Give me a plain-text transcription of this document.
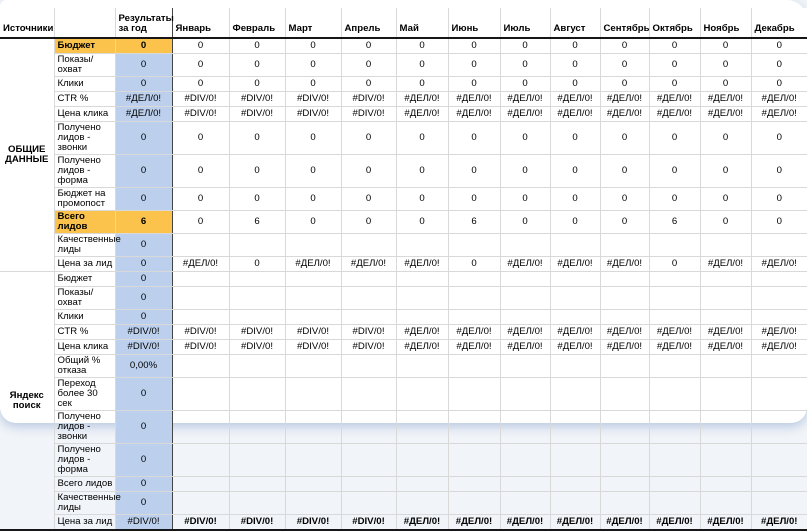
Источники		Результаты за год	Январь	Февраль	Март	Апрель	Май	Июнь	Июль	Август	Сентябрь	Октябрь	Ноябрь	Декабрь
ОБЩИЕ ДАННЫЕ	Бюджет	0	0	0	0	0	0	0	0	0	0	0	0	0
	Показы/охват	0	0	0	0	0	0	0	0	0	0	0	0	0
	Клики	0	0	0	0	0	0	0	0	0	0	0	0	0
	CTR %	#ДЕЛ/0!	#DIV/0!	#DIV/0!	#DIV/0!	#DIV/0!	#ДЕЛ/0!	#ДЕЛ/0!	#ДЕЛ/0!	#ДЕЛ/0!	#ДЕЛ/0!	#ДЕЛ/0!	#ДЕЛ/0!	#ДЕЛ/0!
	Цена клика	#ДЕЛ/0!	#DIV/0!	#DIV/0!	#DIV/0!	#DIV/0!	#ДЕЛ/0!	#ДЕЛ/0!	#ДЕЛ/0!	#ДЕЛ/0!	#ДЕЛ/0!	#ДЕЛ/0!	#ДЕЛ/0!	#ДЕЛ/0!
	Получено лидов - звонки	0	0	0	0	0	0	0	0	0	0	0	0	0
	Получено лидов - форма	0	0	0	0	0	0	0	0	0	0	0	0	0
	Бюджет на промопост	0	0	0	0	0	0	0	0	0	0	0	0	0
	Всего лидов	6	0	6	0	0	0	6	0	0	0	6	0	0
	Качественные лиды	0												
	Цена за лид	0	#ДЕЛ/0!	0	#ДЕЛ/0!	#ДЕЛ/0!	#ДЕЛ/0!	0	#ДЕЛ/0!	#ДЕЛ/0!	#ДЕЛ/0!	0	#ДЕЛ/0!	#ДЕЛ/0!
Яндекс поиск	Бюджет	0												
	Показы/охват	0												
	Клики	0												
	CTR %	#DIV/0!	#DIV/0!	#DIV/0!	#DIV/0!	#DIV/0!	#ДЕЛ/0!	#ДЕЛ/0!	#ДЕЛ/0!	#ДЕЛ/0!	#ДЕЛ/0!	#ДЕЛ/0!	#ДЕЛ/0!	#ДЕЛ/0!
	Цена клика	#DIV/0!	#DIV/0!	#DIV/0!	#DIV/0!	#DIV/0!	#ДЕЛ/0!	#ДЕЛ/0!	#ДЕЛ/0!	#ДЕЛ/0!	#ДЕЛ/0!	#ДЕЛ/0!	#ДЕЛ/0!	#ДЕЛ/0!
	Общий % отказа	0,00%												
	Переход более 30 сек	0												
	Получено лидов - звонки	0												
	Получено лидов - форма	0												
	Всего лидов	0												
	Качественные лиды	0												
	Цена за лид	#DIV/0!	#DIV/0!	#DIV/0!	#DIV/0!	#DIV/0!	#ДЕЛ/0!	#ДЕЛ/0!	#ДЕЛ/0!	#ДЕЛ/0!	#ДЕЛ/0!	#ДЕЛ/0!	#ДЕЛ/0!	#ДЕЛ/0!
